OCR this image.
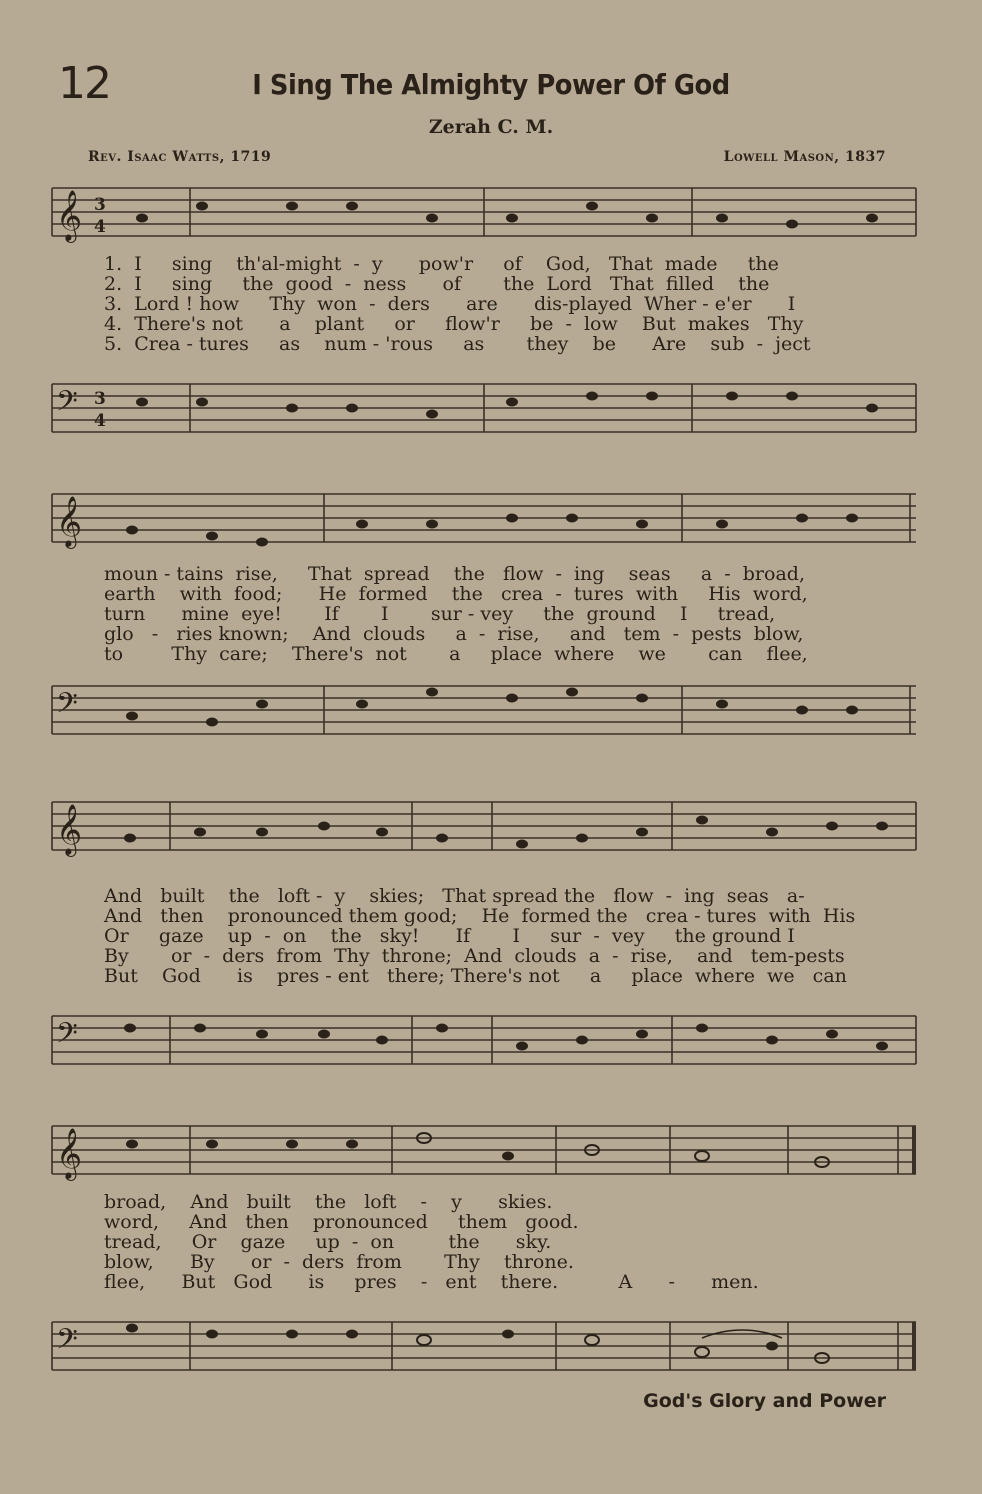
12	I Sing The Almighty Power Of God
Zerah C. M.
Rev. Isaac Watts, 1719	Lowell Mason, 1837
𝄞 3
4
1.  I     sing    th'al-might  -  y      pow'r     of    God,   That  made     the
2.  I     sing     the  good  -  ness      of       the  Lord   That  filled    the
3.  Lord ! how     Thy  won  -  ders      are      dis-played  Wher - e'er      I
4.  There's not      a    plant     or     flow'r     be  -  low    But  makes   Thy
5.  Crea - tures     as    num - 'rous     as       they    be      Are    sub  -  ject
𝄢 3
4
𝄞
moun - tains  rise,     That  spread    the   flow  -  ing    seas     a  -  broad,
earth    with  food;      He  formed    the   crea  -  tures  with     His  word,
turn      mine  eye!       If       I       sur - vey     the  ground    I     tread,
glo   -   ries known;    And  clouds     a  -  rise,     and   tem  -  pests  blow,
to        Thy  care;    There's  not       a     place  where    we       can    flee,
𝄢
𝄞
And   built    the   loft -  y    skies;   That spread the   flow  -  ing  seas   a-
And   then    pronounced them good;    He  formed the   crea - tures  with  His
Or     gaze    up  -  on    the   sky!      If       I     sur  -  vey     the ground I
By       or  -  ders  from  Thy  throne;  And  clouds  a  -  rise,    and   tem-pests
But    God      is    pres - ent   there; There's not     a     place  where  we   can
𝄢
𝄞
broad,    And   built    the   loft    -    y      skies.
word,     And   then    pronounced     them   good.
tread,     Or    gaze     up  -  on         the      sky.
blow,      By      or  -  ders  from       Thy    throne.
flee,      But   God      is     pres    -   ent    there.          A      -      men.
𝄢
God's Glory and Power
